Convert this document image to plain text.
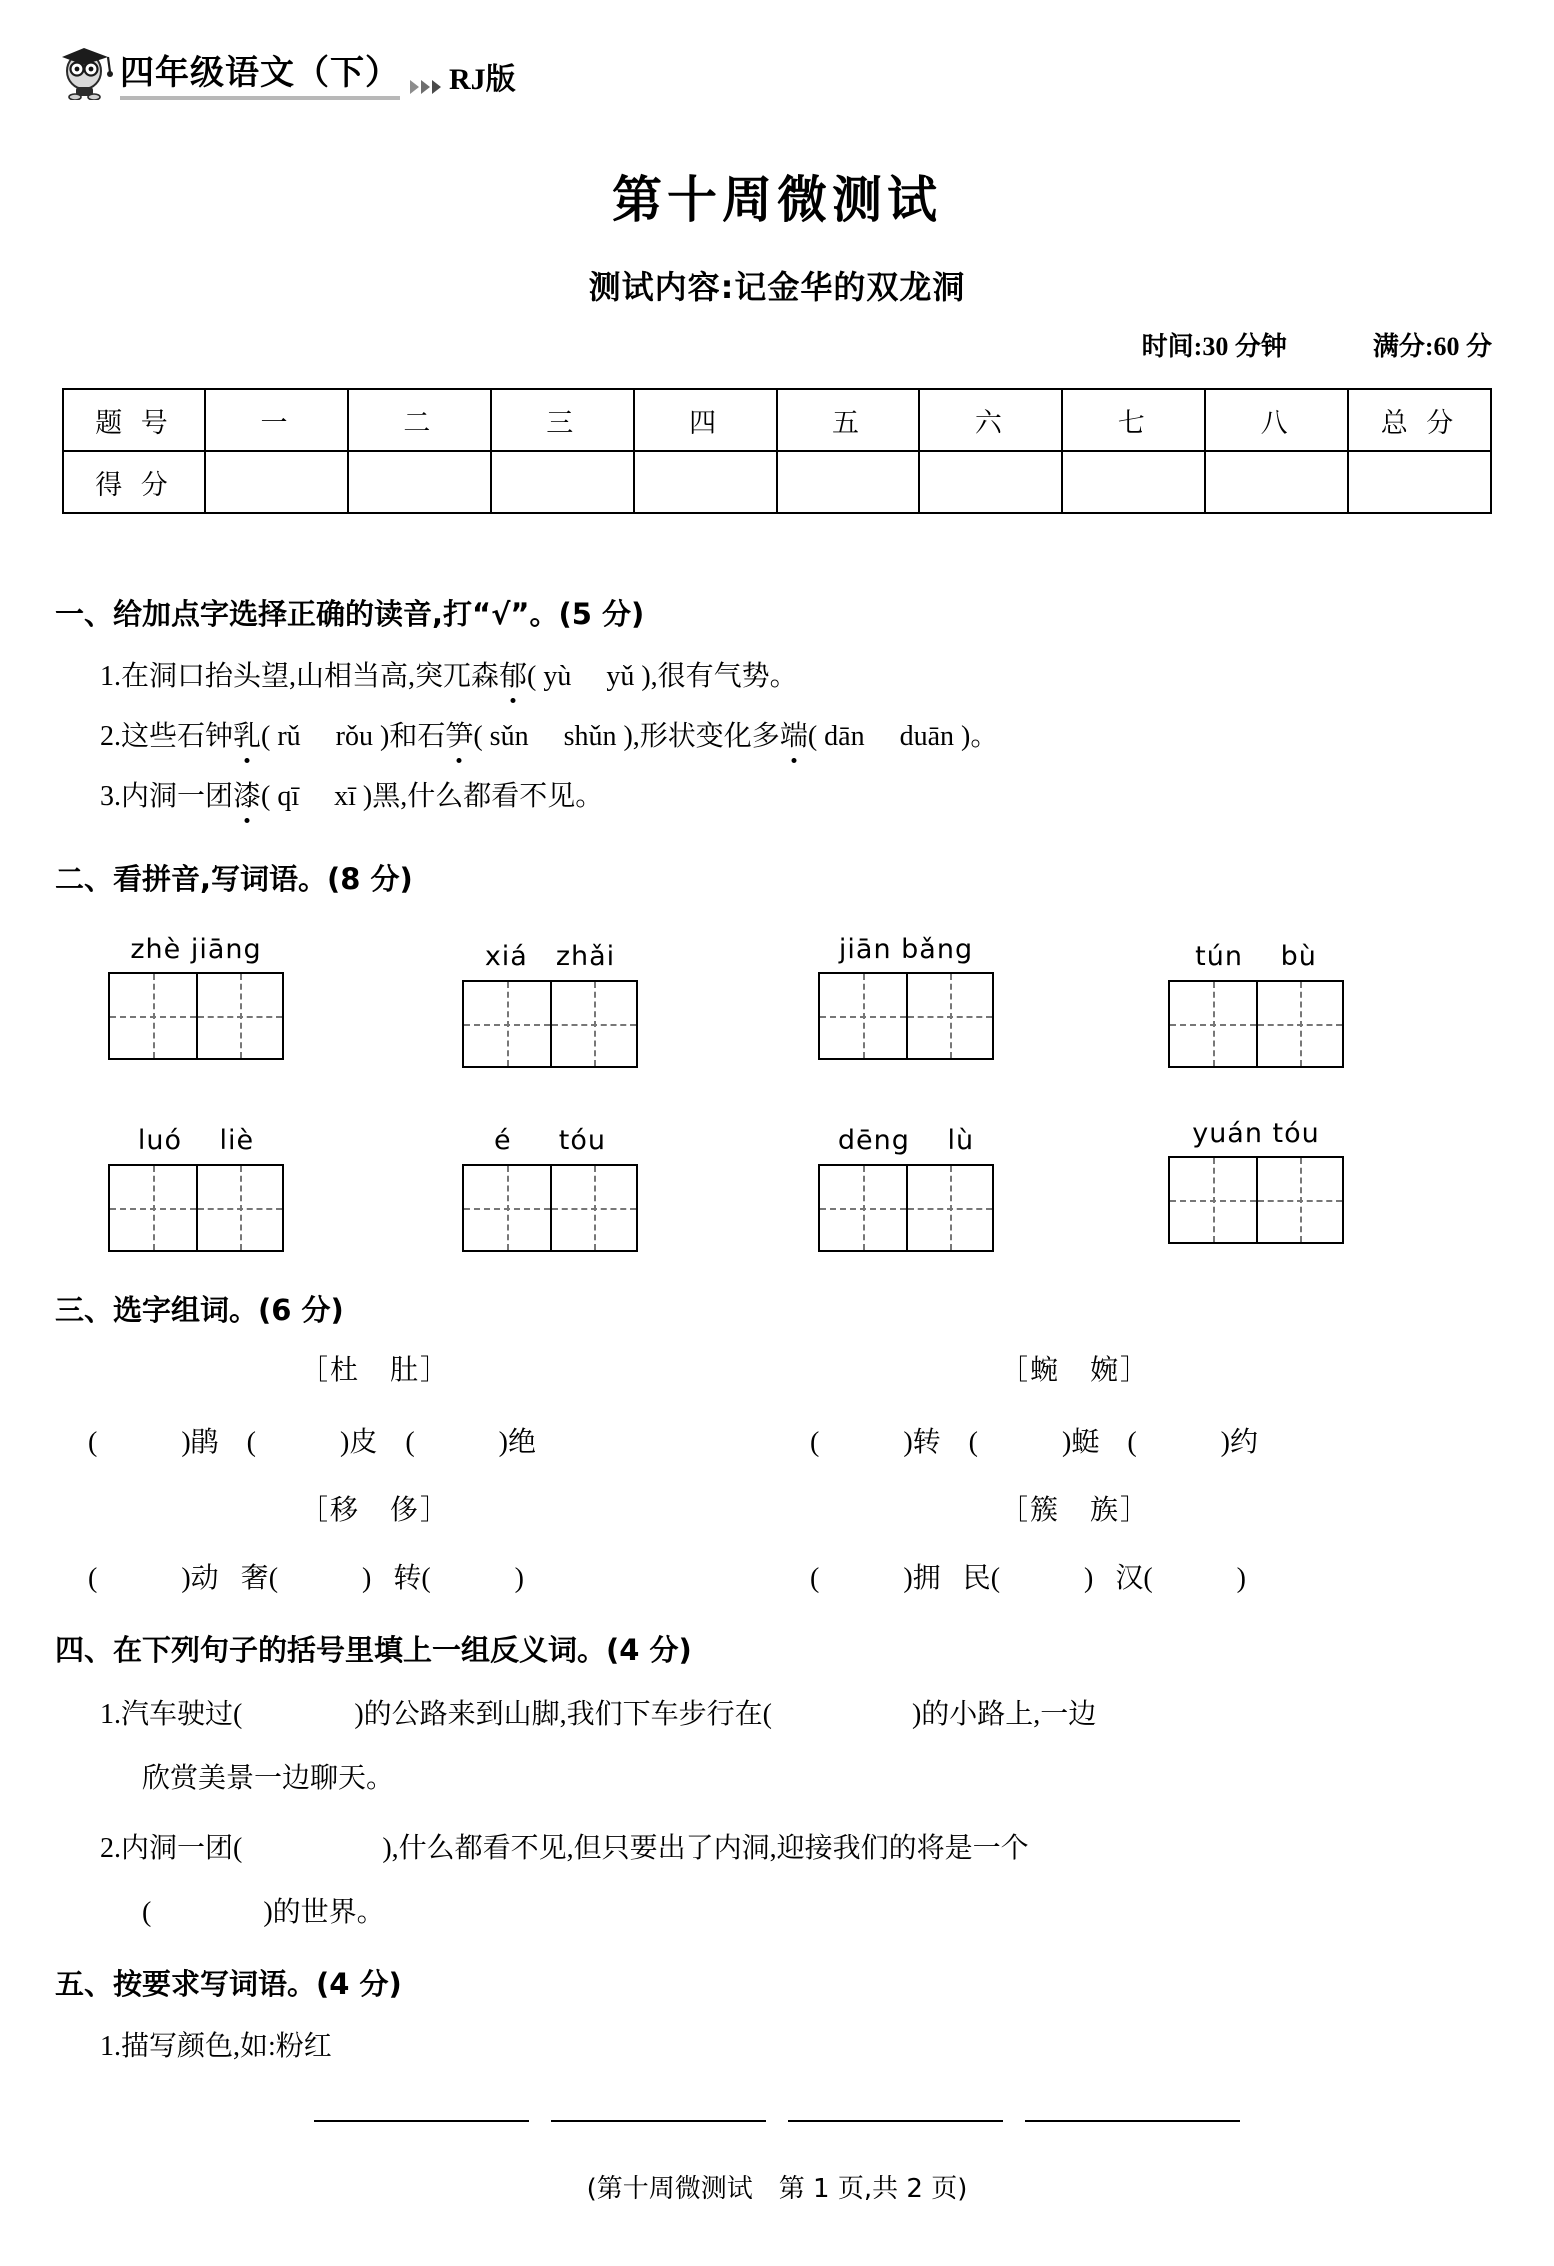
四年级语文（下） RJ版
第十周微测试
测试内容:记金华的双龙洞
时间:30 分钟	满分:60 分
题 号	一	二	三	四	五	六	七	八	总 分
得 分									
一、给加点字选择正确的读音,打“√”。(5 分)
1.在洞口抬头望,山相当高,突兀森郁( yù　 yǔ ),很有气势。
2.这些石钟乳( rǔ　 rǒu )和石笋( sǔn　 shǔn ),形状变化多端( dān　 duān )。
3.内洞一团漆( qī　 xī )黑,什么都看不见。
二、看拼音,写词语。(8 分)
zhè jiāng	xiá　zhǎi	jiān bǎng	tún　 bù
luó 　liè	é 　 tóu	dēng 　lù	yuán tóu
三、选字组词。(6 分)
［杜　肚］	［蜿　婉］
(　　　)鹃　(　　　)皮　(　　　)绝	(　　　)转　(　　　)蜓　(　　　)约
［移　侈］	［簇　族］
(　　　)动 奢(　　　) 转(　　　)	(　　　)拥 民(　　　) 汉(　　　)
四、在下列句子的括号里填上一组反义词。(4 分)
1.汽车驶过(　　　　)的公路来到山脚,我们下车步行在(　　　　　)的小路上,一边
欣赏美景一边聊天。
2.内洞一团(　　　　　),什么都看不见,但只要出了内洞,迎接我们的将是一个
(　　　　)的世界。
五、按要求写词语。(4 分)
1.描写颜色,如:粉红
(第十周微测试　第 1 页,共 2 页)
